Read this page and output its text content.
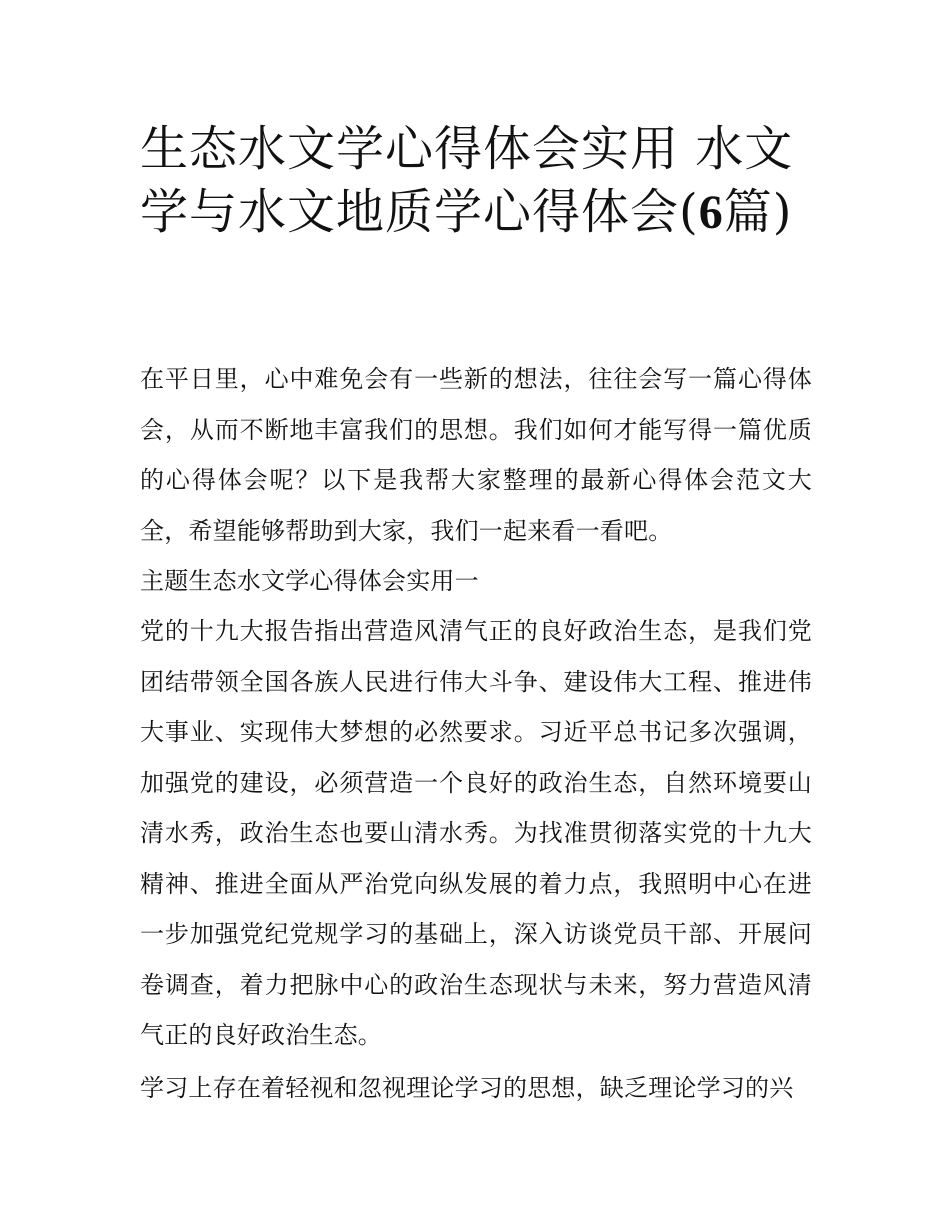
生态水文学心得体会实用 水文学与水文地质学心得体会(6篇)

在平日里，心中难免会有一些新的想法，往往会写一篇心得体会，从而不断地丰富我们的思想。我们如何才能写得一篇优质的心得体会呢？以下是我帮大家整理的最新心得体会范文大全，希望能够帮助到大家，我们一起来看一看吧。

主题生态水文学心得体会实用一

党的十九大报告指出营造风清气正的良好政治生态，是我们党团结带领全国各族人民进行伟大斗争、建设伟大工程、推进伟大事业、实现伟大梦想的必然要求。习近平总书记多次强调，加强党的建设，必须营造一个良好的政治生态，自然环境要山清水秀，政治生态也要山清水秀。为找准贯彻落实党的十九大精神、推进全面从严治党向纵发展的着力点，我照明中心在进一步加强党纪党规学习的基础上，深入访谈党员干部、开展问卷调查，着力把脉中心的政治生态现状与未来，努力营造风清气正的良好政治生态。

学习上存在着轻视和忽视理论学习的思想，缺乏理论学习的兴
